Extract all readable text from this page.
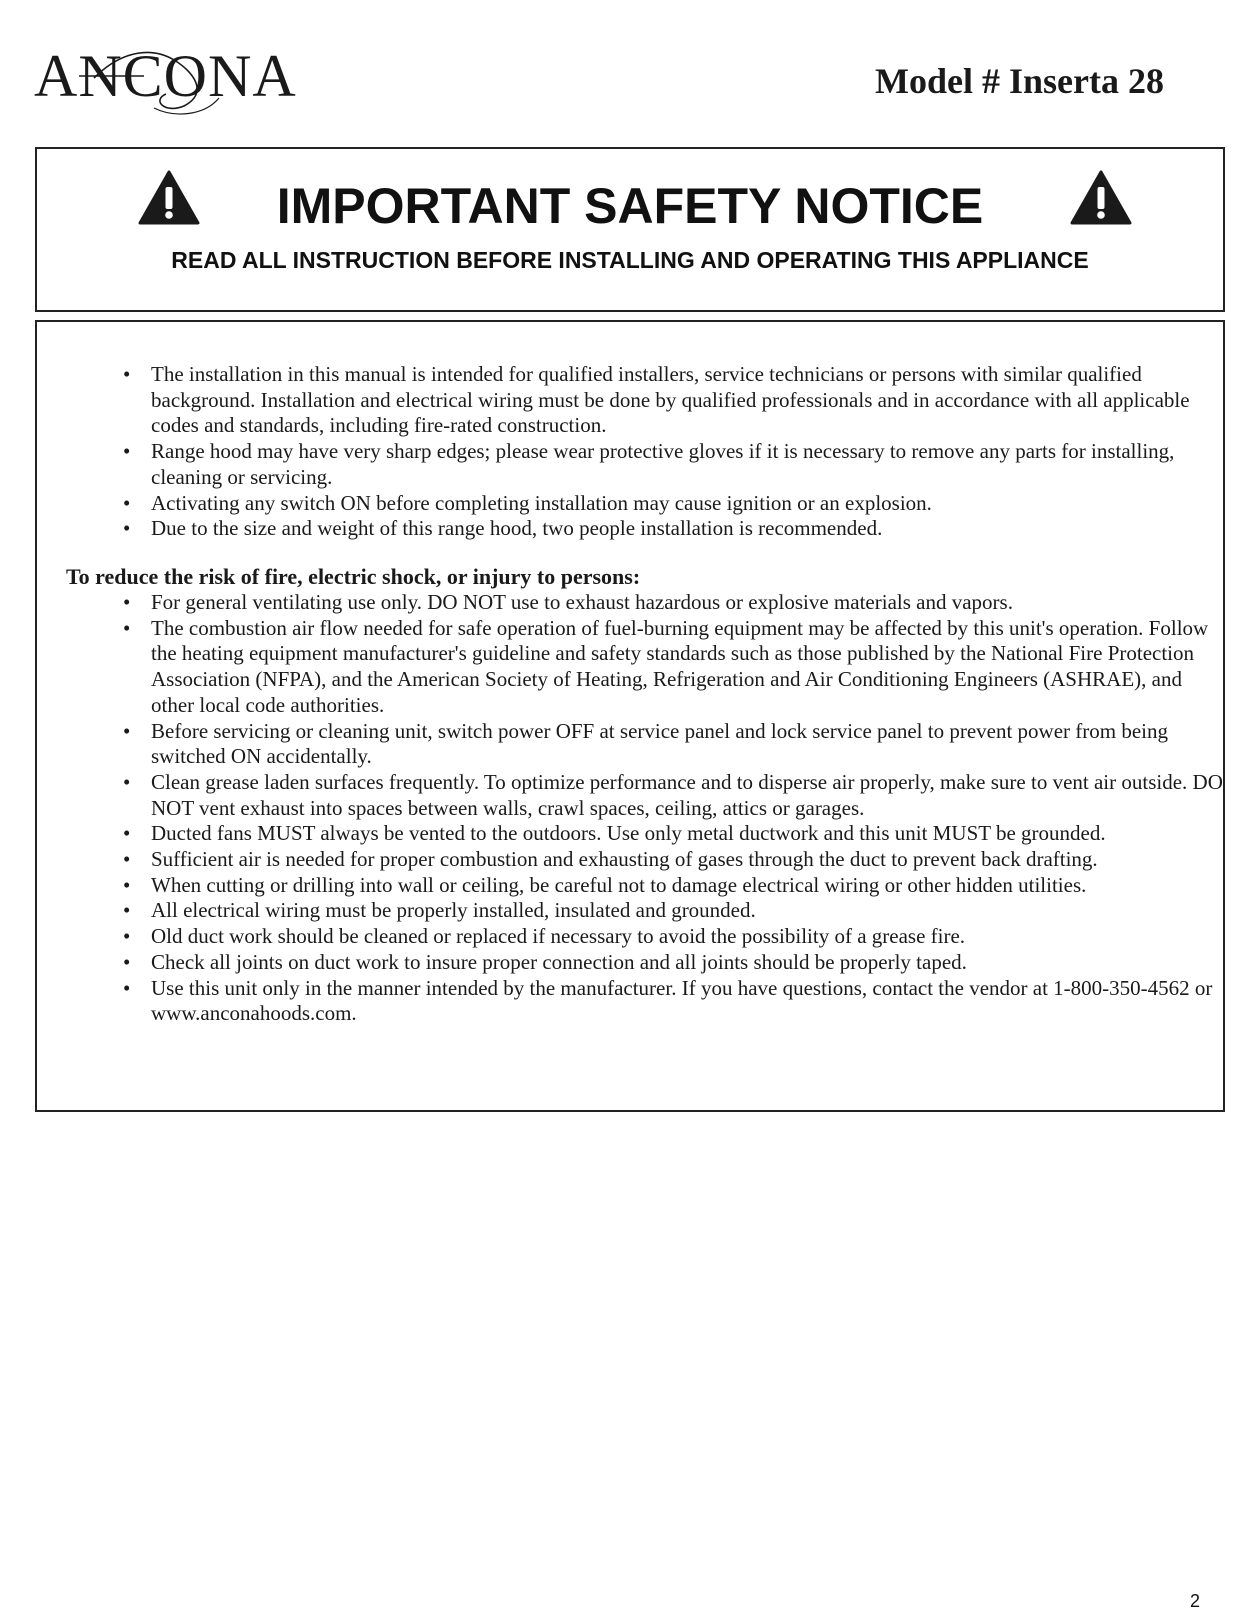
ANCONA	Model # Inserta 28
IMPORTANT SAFETY NOTICE
READ ALL INSTRUCTION BEFORE INSTALLING AND OPERATING THIS APPLIANCE
• The installation in this manual is intended for qualified installers, service technicians or persons with similar qualified background. Installation and electrical wiring must be done by qualified professionals and in accordance with all applicable codes and standards, including fire-rated construction.
• Range hood may have very sharp edges; please wear protective gloves if it is necessary to remove any parts for installing, cleaning or servicing.
• Activating any switch ON before completing installation may cause ignition or an explosion.
• Due to the size and weight of this range hood, two people installation is recommended.
To reduce the risk of fire, electric shock, or injury to persons:
• For general ventilating use only. DO NOT use to exhaust hazardous or explosive materials and vapors.
• The combustion air flow needed for safe operation of fuel-burning equipment may be affected by this unit's operation. Follow the heating equipment manufacturer's guideline and safety standards such as those published by the National Fire Protection Association (NFPA), and the American Society of Heating, Refrigeration and Air Conditioning Engineers (ASHRAE), and other local code authorities.
• Before servicing or cleaning unit, switch power OFF at service panel and lock service panel to prevent power from being switched ON accidentally.
• Clean grease laden surfaces frequently. To optimize performance and to disperse air properly, make sure to vent air outside. DO NOT vent exhaust into spaces between walls, crawl spaces, ceiling, attics or garages.
• Ducted fans MUST always be vented to the outdoors. Use only metal ductwork and this unit MUST be grounded.
• Sufficient air is needed for proper combustion and exhausting of gases through the duct to prevent back drafting.
• When cutting or drilling into wall or ceiling, be careful not to damage electrical wiring or other hidden utilities.
• All electrical wiring must be properly installed, insulated and grounded.
• Old duct work should be cleaned or replaced if necessary to avoid the possibility of a grease fire.
• Check all joints on duct work to insure proper connection and all joints should be properly taped.
• Use this unit only in the manner intended by the manufacturer. If you have questions, contact the vendor at 1-800-350-4562 or www.anconahoods.com.
2
